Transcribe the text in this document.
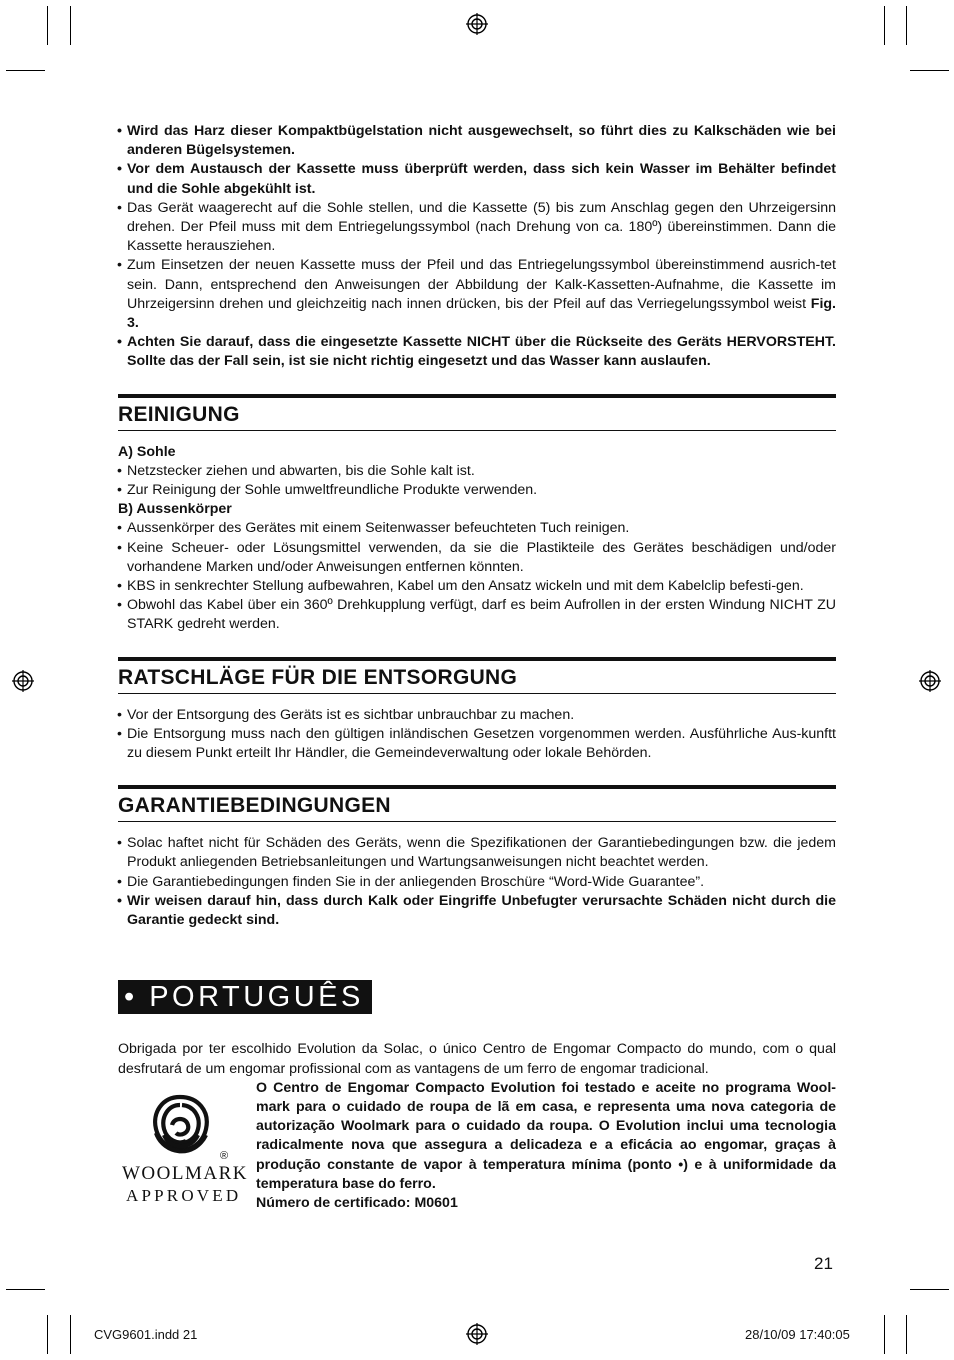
• Wird das Harz dieser Kompaktbügelstation nicht ausgewechselt, so führt dies zu Kalkschäden wie bei anderen Bügelsystemen.
• Vor dem Austausch der Kassette muss überprüft werden, dass sich kein Wasser im Behälter befindet und die Sohle abgekühlt ist.
• Das Gerät waagerecht auf die Sohle stellen, und die Kassette (5) bis zum Anschlag gegen den Uhrzeigersinn drehen. Der Pfeil muss mit dem Entriegelungssymbol (nach Drehung von ca. 180º) übereinstimmen. Dann die Kassette herausziehen.
• Zum Einsetzen der neuen Kassette muss der Pfeil und das Entriegelungssymbol übereinstimmend ausrich-tet sein. Dann, entsprechend den Anweisungen der Abbildung der Kalk-Kassetten-Aufnahme, die Kassette im Uhrzeigersinn drehen und gleichzeitig nach innen drücken, bis der Pfeil auf das Verriegelungssymbol weist Fig. 3.
• Achten Sie darauf, dass die eingesetzte Kassette NICHT über die Rückseite des Geräts HERVORSTEHT. Sollte das der Fall sein, ist sie nicht richtig eingesetzt und das Wasser kann auslaufen.
REINIGUNG
A) Sohle
• Netzstecker ziehen und abwarten, bis die Sohle kalt ist.
• Zur Reinigung der Sohle umweltfreundliche Produkte verwenden.
B) Aussenkörper
• Aussenkörper des Gerätes mit einem Seitenwasser befeuchteten Tuch reinigen.
• Keine Scheuer- oder Lösungsmittel verwenden, da sie die Plastikteile des Gerätes beschädigen und/oder vorhandene Marken und/oder Anweisungen entfernen könnten.
• KBS in senkrechter Stellung aufbewahren, Kabel um den Ansatz wickeln und mit dem Kabelclip befesti-gen.
• Obwohl das Kabel über ein 360º Drehkupplung verfügt, darf es beim Aufrollen in der ersten Windung NICHT ZU STARK gedreht werden.
RATSCHLÄGE FÜR DIE ENTSORGUNG
• Vor der Entsorgung des Geräts ist es sichtbar unbrauchbar zu machen.
• Die Entsorgung muss nach den gültigen inländischen Gesetzen vorgenommen werden. Ausführliche Aus-kunftt zu diesem Punkt erteilt Ihr Händler, die Gemeindeverwaltung oder lokale Behörden.
GARANTIEBEDINGUNGEN
• Solac haftet nicht für Schäden des Geräts, wenn die Spezifikationen der Garantiebedingungen bzw. die jedem Produkt anliegenden Betriebsanleitungen und Wartungsanweisungen nicht beachtet werden.
• Die Garantiebedingungen finden Sie in der anliegenden Broschüre “Word-Wide Guarantee”.
• Wir weisen darauf hin, dass durch Kalk oder Eingriffe Unbefugter verursachte Schäden nicht durch die Garantie gedeckt sind.
• PORTUGUÊS
Obrigada por ter escolhido Evolution da Solac, o único Centro de Engomar Compacto do mundo, com o qual desfrutará de um engomar profissional com as vantagens de um ferro de engomar tradicional.
®
WOOLMARK
APPROVED
O Centro de Engomar Compacto Evolution foi testado e aceite no programa Wool-mark para o cuidado de roupa de lã em casa, e representa uma nova categoria de autorização Woolmark para o cuidado da roupa. O Evolution inclui uma tecnologia radicalmente nova que assegura a delicadeza e a eficácia ao engomar, graças à produção constante de vapor à temperatura mínima (ponto •) e à uniformidade da temperatura base do ferro.
Número de certificado: M0601
21
CVG9601.indd 21	28/10/09 17:40:05
